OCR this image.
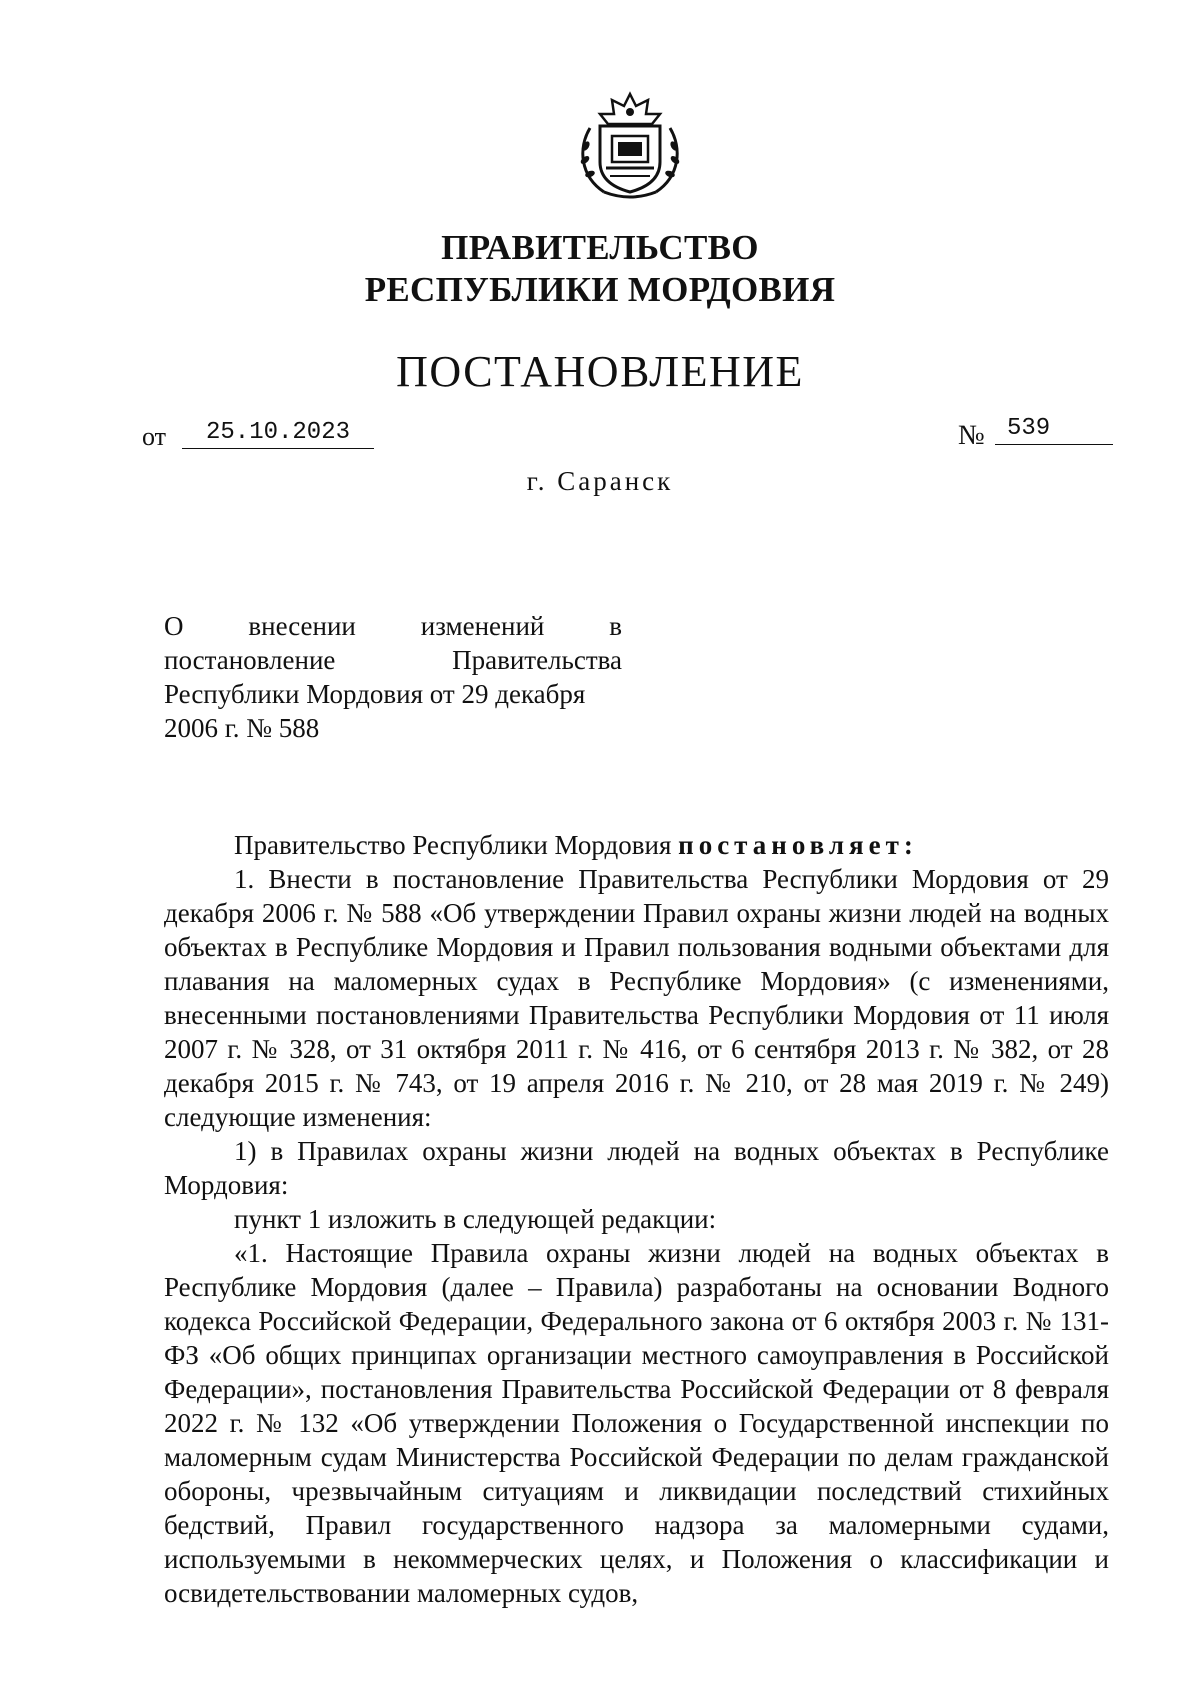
ПРАВИТЕЛЬСТВО
РЕСПУБЛИКИ МОРДОВИЯ
ПОСТАНОВЛЕНИЕ
от	25.10.2023	№ 539
г. Саранск
О внесении изменений в
постановление Правительства
Республики Мордовия от 29 декабря
2006 г. № 588

Правительство Республики Мордовия постановляет:

1. Внести в постановление Правительства Республики Мордовия от 29 декабря 2006 г. № 588 «Об утверждении Правил охраны жизни людей на водных объектах в Республике Мордовия и Правил пользования водными объектами для плавания на маломерных судах в Республике Мордовия» (с изменениями, внесенными постановлениями Правительства Республики Мордовия от 11 июля 2007 г. № 328, от 31 октября 2011 г. № 416, от 6 сентября 2013 г. № 382, от 28 декабря 2015 г. № 743, от 19 апреля 2016 г. № 210, от 28 мая 2019 г. № 249) следующие изменения:

1) в Правилах охраны жизни людей на водных объектах в Республике Мордовия:

пункт 1 изложить в следующей редакции:

«1. Настоящие Правила охраны жизни людей на водных объектах в Республике Мордовия (далее – Правила) разработаны на основании Водного кодекса Российской Федерации, Федерального закона от 6 октября 2003 г. № 131-ФЗ «Об общих принципах организации местного самоуправления в Российской Федерации», постановления Правительства Российской Федерации от 8 февраля 2022 г. № 132 «Об утверждении Положения о Государственной инспекции по маломерным судам Министерства Российской Федерации по делам гражданской обороны, чрезвычайным ситуациям и ликвидации последствий стихийных бедствий, Правил государственного надзора за маломерными судами, используемыми в некоммерческих целях, и Положения о классификации и освидетельствовании маломерных судов,
